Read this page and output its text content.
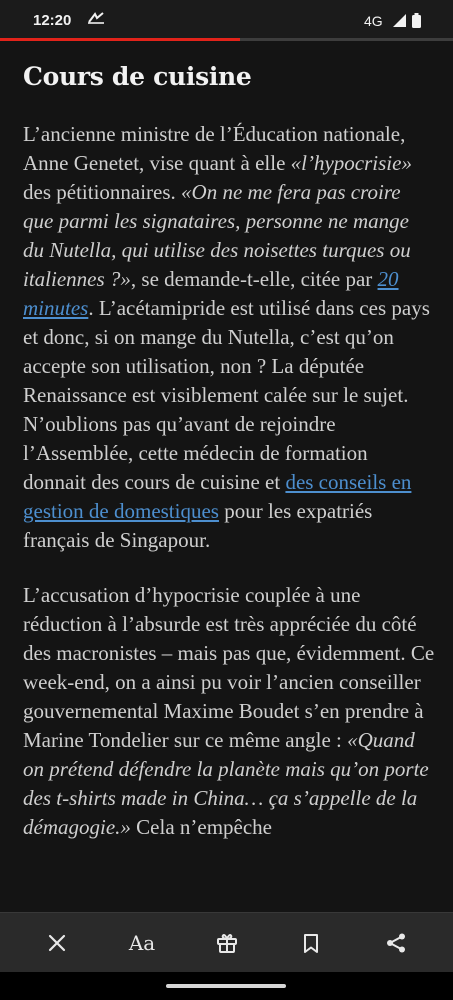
12:20	4G
Cours de cuisine

L’ancienne ministre de l’Éducation nationale, Anne Genetet, vise quant à elle «l’hypocrisie» des pétitionnaires. «On ne me fera pas croire que parmi les signataires, personne ne mange du Nutella, qui utilise des noisettes turques ou italiennes ?», se demande-t-elle, citée par 20 minutes. L’acétamipride est utilisé dans ces pays et donc, si on mange du Nutella, c’est qu’on accepte son utilisation, non ? La députée Renaissance est visiblement calée sur le sujet. N’oublions pas qu’avant de rejoindre l’Assemblée, cette médecin de formation donnait des cours de cuisine et des conseils en gestion de domestiques pour les expatriés français de Singapour.

L’accusation d’hypocrisie couplée à une réduction à l’absurde est très appréciée du côté des macronistes – mais pas que, évidemment. Ce week-end, on a ainsi pu voir l’ancien conseiller gouvernemental Maxime Boudet s’en prendre à Marine Tondelier sur ce même angle : «Quand on prétend défendre la planète mais qu’on porte des t-shirts made in China… ça s’appelle de la démagogie.» Cela n’empêche

Aa
